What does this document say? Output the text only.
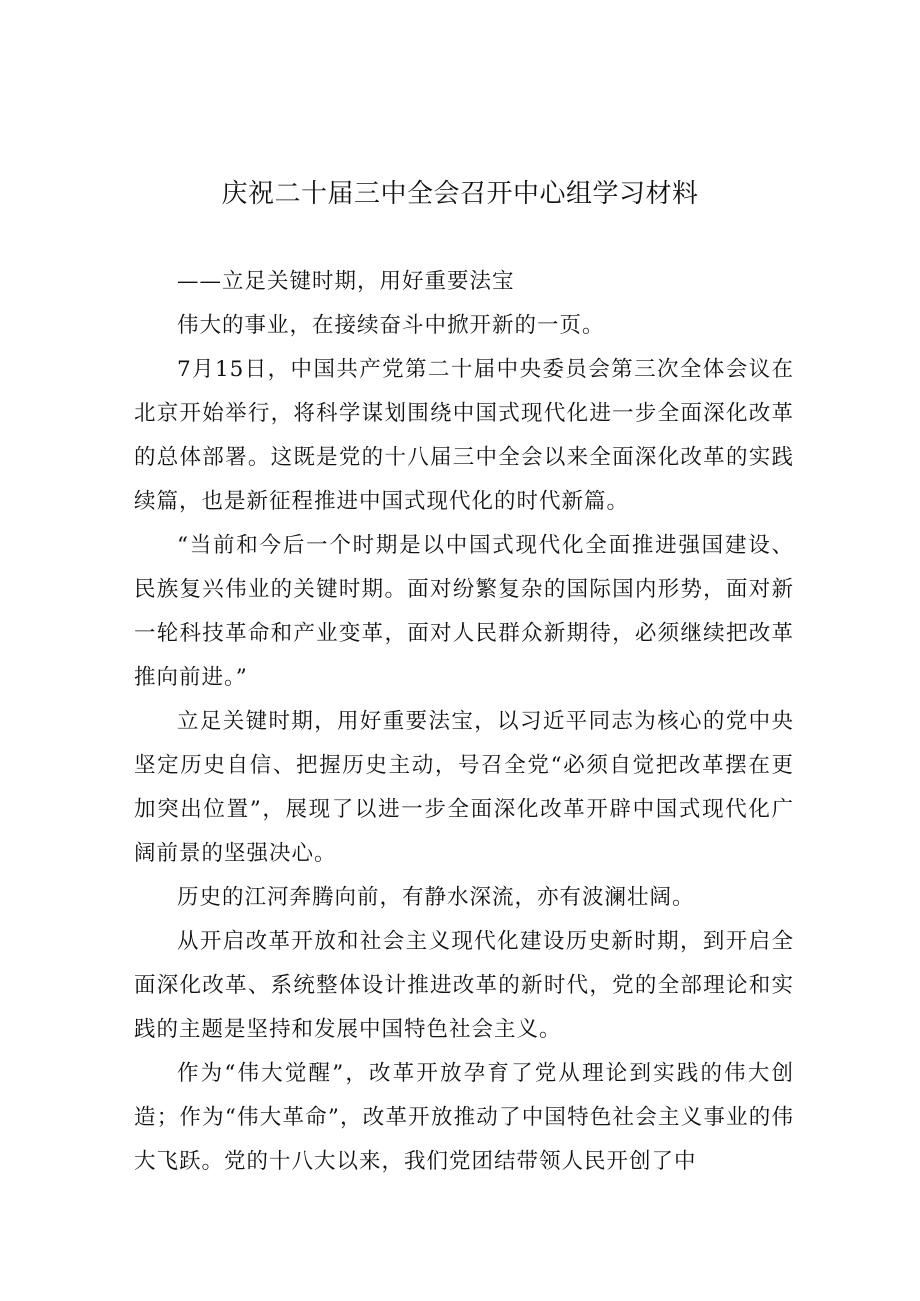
庆祝二十届三中全会召开中心组学习材料

——立足关键时期，用好重要法宝

伟大的事业，在接续奋斗中掀开新的一页。

7月15日，中国共产党第二十届中央委员会第三次全体会议在北京开始举行，将科学谋划围绕中国式现代化进一步全面深化改革的总体部署。这既是党的十八届三中全会以来全面深化改革的实践续篇，也是新征程推进中国式现代化的时代新篇。

“当前和今后一个时期是以中国式现代化全面推进强国建设、民族复兴伟业的关键时期。面对纷繁复杂的国际国内形势，面对新一轮科技革命和产业变革，面对人民群众新期待，必须继续把改革推向前进。”

立足关键时期，用好重要法宝，以习近平同志为核心的党中央坚定历史自信、把握历史主动，号召全党“必须自觉把改革摆在更加突出位置”，展现了以进一步全面深化改革开辟中国式现代化广阔前景的坚强决心。

历史的江河奔腾向前，有静水深流，亦有波澜壮阔。

从开启改革开放和社会主义现代化建设历史新时期，到开启全面深化改革、系统整体设计推进改革的新时代，党的全部理论和实践的主题是坚持和发展中国特色社会主义。

作为“伟大觉醒”，改革开放孕育了党从理论到实践的伟大创造；作为“伟大革命”，改革开放推动了中国特色社会主义事业的伟大飞跃。党的十八大以来，我们党团结带领人民开创了中
